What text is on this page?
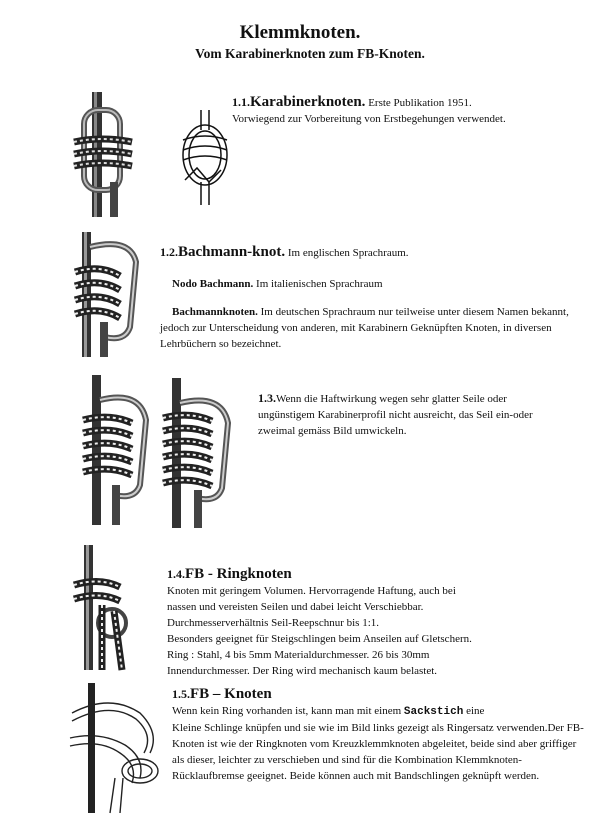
Klemmknoten.
Vom Karabinerknoten zum FB-Knoten.

1.1.Karabinerknoten. Erste Publikation 1951.

Vorwiegend zur Vorbereitung von Erstbegehungen verwendet.

1.2.Bachmann-knot. Im englischen Sprachraum.

Nodo Bachmann. Im italienischen Sprachraum

Bachmannknoten. Im deutschen Sprachraum nur teilweise unter diesem Namen bekannt, jedoch zur Unterscheidung von anderen, mit Karabinern Geknüpften Knoten, in diversen Lehrbüchern so bezeichnet.

1.3.Wenn die Haftwirkung wegen sehr glatter Seile oder ungünstigem Karabinerprofil nicht ausreicht, das Seil ein-oder zweimal gemäss Bild umwickeln.

1.4.FB - Ringknoten

Knoten mit geringem Volumen. Hervorragende Haftung, auch bei

nassen und vereisten Seilen und dabei leicht Verschiebbar.

Durchmesserverhältnis Seil-Reepschnur bis 1:1.

Besonders geeignet für Steigschlingen beim Anseilen auf Gletschern.

Ring : Stahl, 4 bis 5mm Materialdurchmesser. 26 bis 30mm

Innendurchmesser. Der Ring wird mechanisch kaum belastet.

1.5.FB – Knoten

Wenn kein Ring vorhanden ist, kann man mit einem Sackstich eine

Kleine Schlinge knüpfen und sie wie im Bild links gezeigt als Ringersatz verwenden.Der FB-Knoten ist wie der Ringknoten vom Kreuzklemmknoten abgeleitet, beide sind aber griffiger als dieser, leichter zu verschieben und sind für die Kombination Klemmknoten-Rücklaufbremse geeignet. Beide können auch mit Bandschlingen geknüpft werden.
